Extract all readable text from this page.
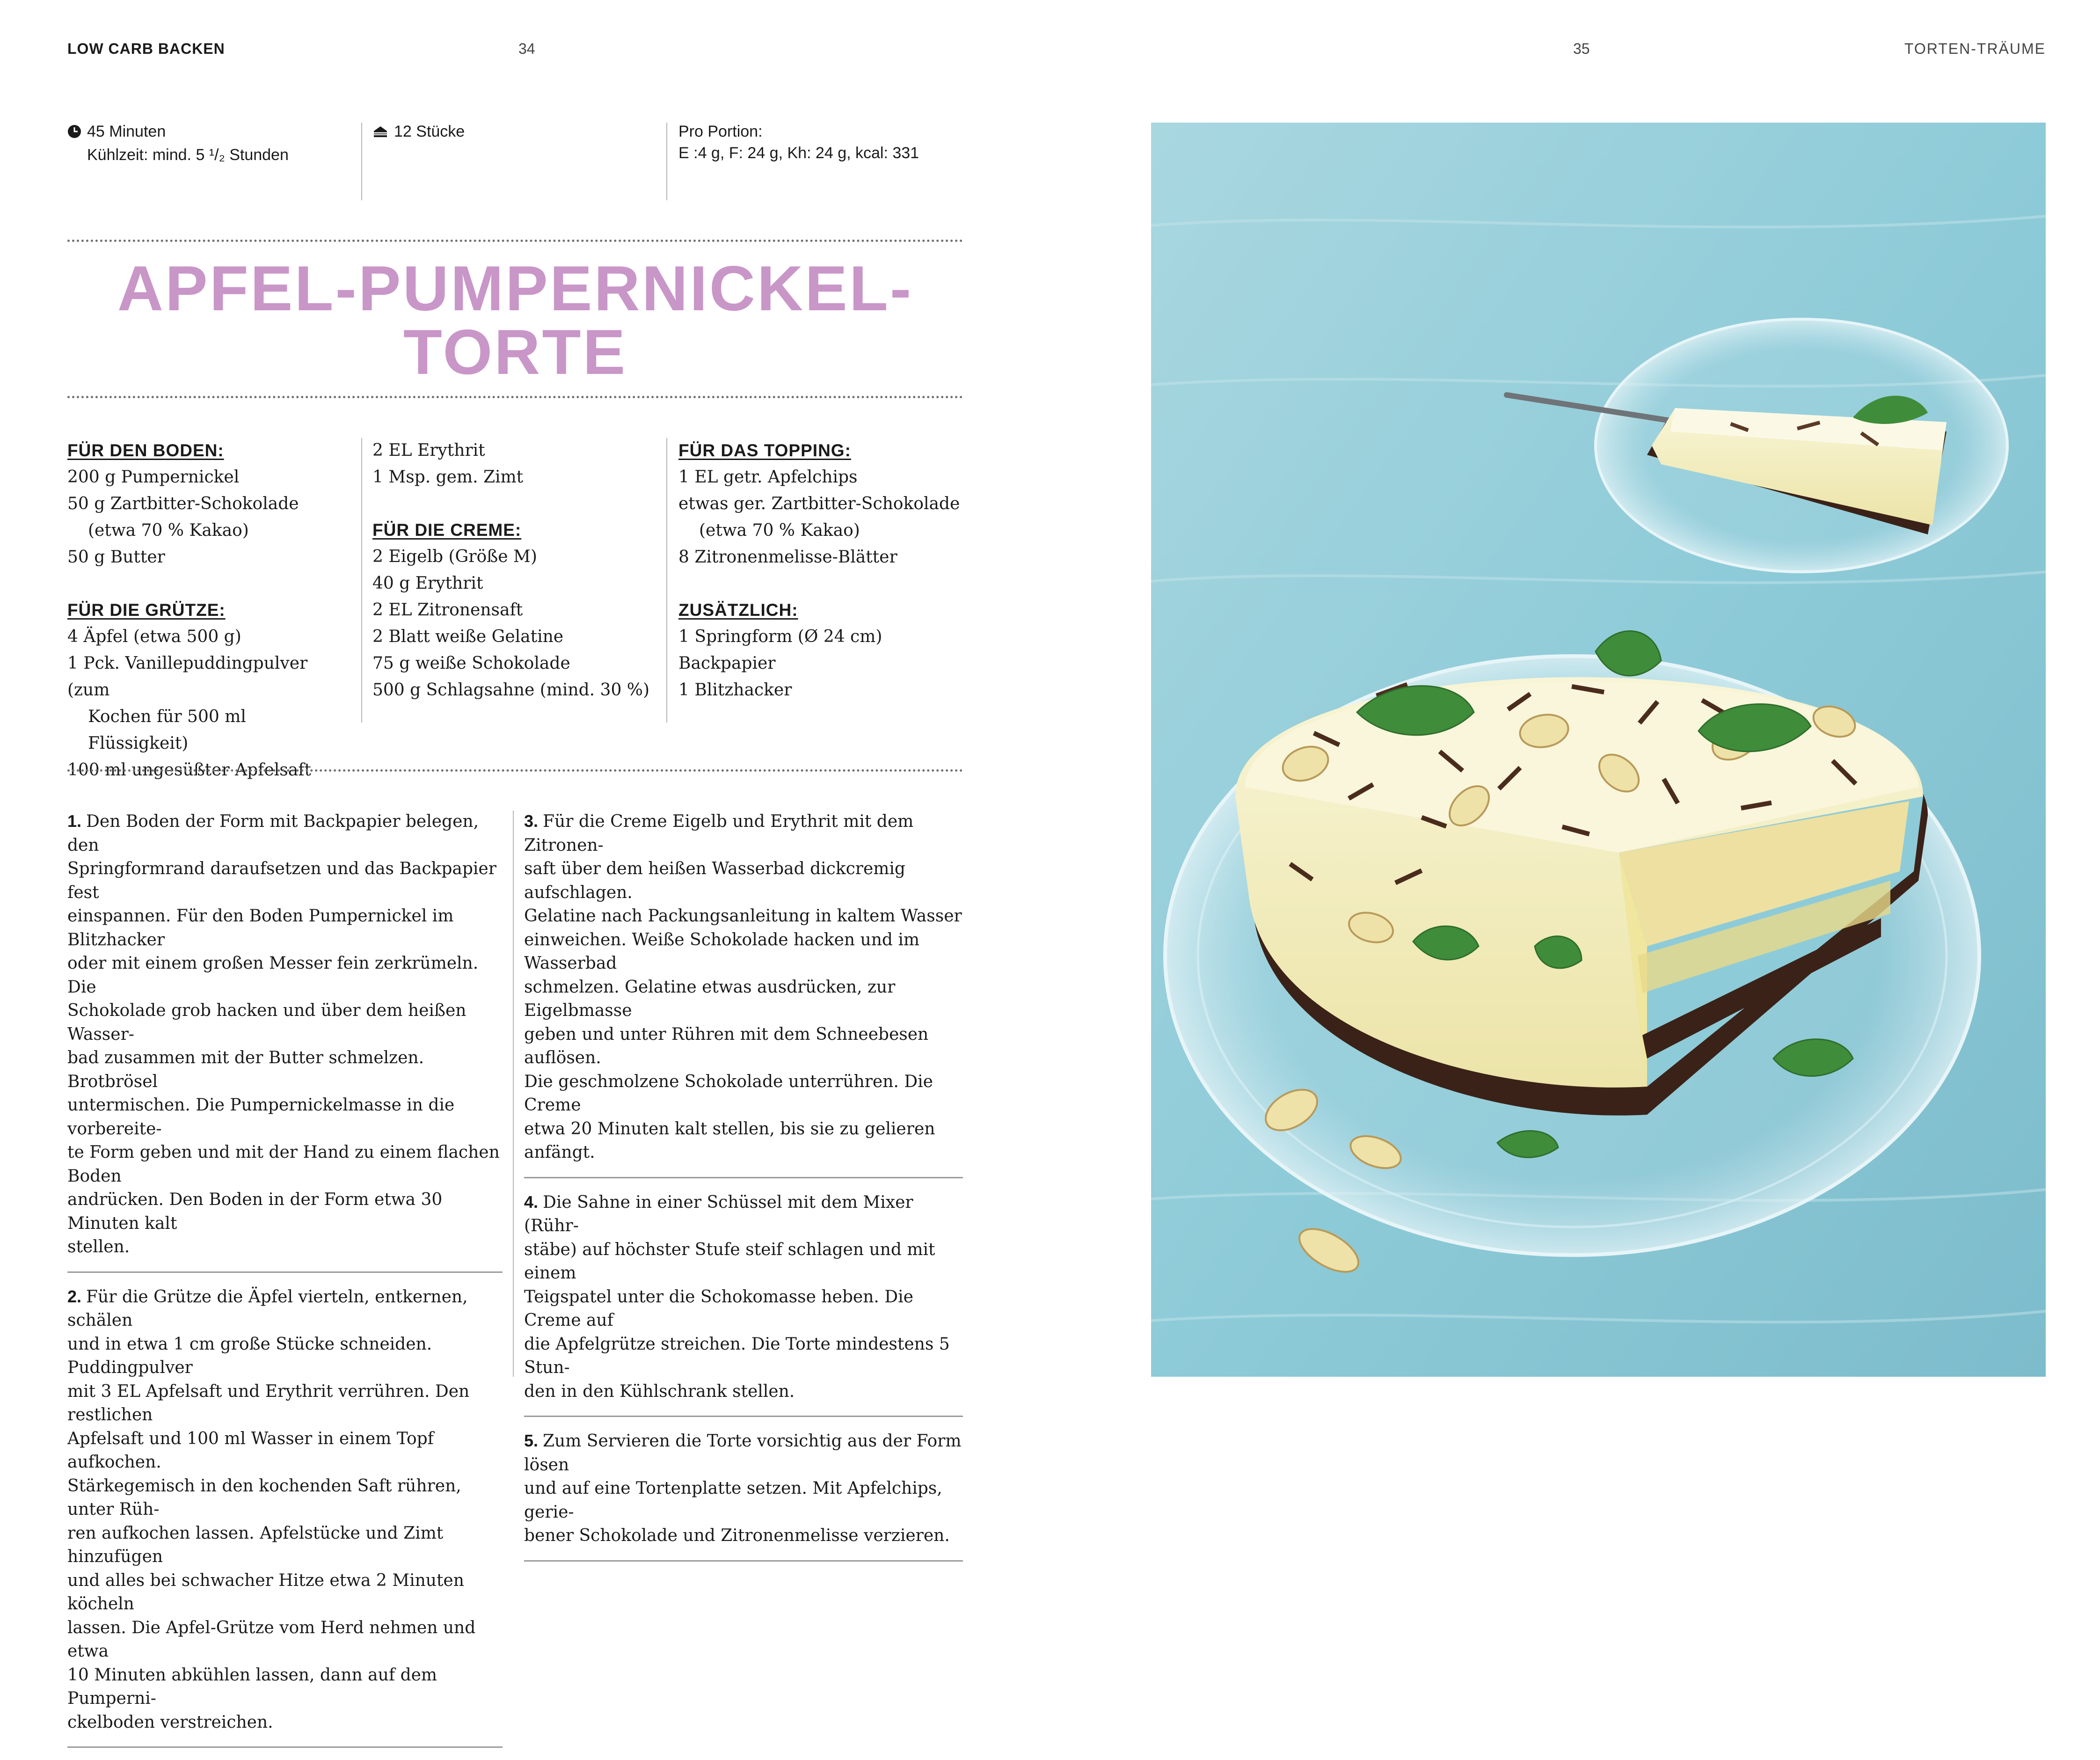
LOW CARB BACKEN	34	35	TORTEN-TRÄUME
45 Minuten
Kühlzeit: mind. 5 ¹/₂ Stunden
12 Stücke	Pro Portion:
E :4 g, F: 24 g, Kh: 24 g, kcal: 331
APFEL-PUMPERNICKEL-
TORTE
FÜR DEN BODEN:
200 g Pumpernickel
50 g Zartbitter-Schokolade
(etwa 70 % Kakao)
50 g Butter
FÜR DIE GRÜTZE:
4 Äpfel (etwa 500 g)
1 Pck. Vanillepuddingpulver (zum
Kochen für 500 ml Flüssigkeit)
100 ml ungesüßter Apfelsaft
2 EL Erythrit
1 Msp. gem. Zimt
FÜR DIE CREME:
2 Eigelb (Größe M)
40 g Erythrit
2 EL Zitronensaft
2 Blatt weiße Gelatine
75 g weiße Schokolade
500 g Schlagsahne (mind. 30 %)
FÜR DAS TOPPING:
1 EL getr. Apfelchips
etwas ger. Zartbitter-Schokolade
(etwa 70 % Kakao)
8 Zitronenmelisse-Blätter
ZUSÄTZLICH:
1 Springform (Ø 24 cm)
Backpapier
1 Blitzhacker
1. Den Boden der Form mit Backpapier belegen, den
Springformrand daraufsetzen und das Backpapier fest
einspannen. Für den Boden Pumpernickel im Blitzhacker
oder mit einem großen Messer fein zerkrümeln. Die
Schokolade grob hacken und über dem heißen Wasser-
bad zusammen mit der Butter schmelzen. Brotbrösel
untermischen. Die Pumpernickelmasse in die vorbereite-
te Form geben und mit der Hand zu einem flachen Boden
andrücken. Den Boden in der Form etwa 30 Minuten kalt
stellen.
2. Für die Grütze die Äpfel vierteln, entkernen, schälen
und in etwa 1 cm große Stücke schneiden. Puddingpulver
mit 3 EL Apfelsaft und Erythrit verrühren. Den restlichen
Apfelsaft und 100 ml Wasser in einem Topf aufkochen.
Stärkegemisch in den kochenden Saft rühren, unter Rüh-
ren aufkochen lassen. Apfelstücke und Zimt hinzufügen
und alles bei schwacher Hitze etwa 2 Minuten köcheln
lassen. Die Apfel-Grütze vom Herd nehmen und etwa
10 Minuten abkühlen lassen, dann auf dem Pumperni-
ckelboden verstreichen.
3. Für die Creme Eigelb und Erythrit mit dem Zitronen-
saft über dem heißen Wasserbad dickcremig aufschlagen.
Gelatine nach Packungsanleitung in kaltem Wasser
einweichen. Weiße Schokolade hacken und im Wasserbad
schmelzen. Gelatine etwas ausdrücken, zur Eigelbmasse
geben und unter Rühren mit dem Schneebesen auflösen.
Die geschmolzene Schokolade unterrühren. Die Creme
etwa 20 Minuten kalt stellen, bis sie zu gelieren anfängt.
4. Die Sahne in einer Schüssel mit dem Mixer (Rühr-
stäbe) auf höchster Stufe steif schlagen und mit einem
Teigspatel unter die Schokomasse heben. Die Creme auf
die Apfelgrütze streichen. Die Torte mindestens 5 Stun-
den in den Kühlschrank stellen.
5. Zum Servieren die Torte vorsichtig aus der Form lösen
und auf eine Tortenplatte setzen. Mit Apfelchips, gerie-
bener Schokolade und Zitronenmelisse verzieren.
